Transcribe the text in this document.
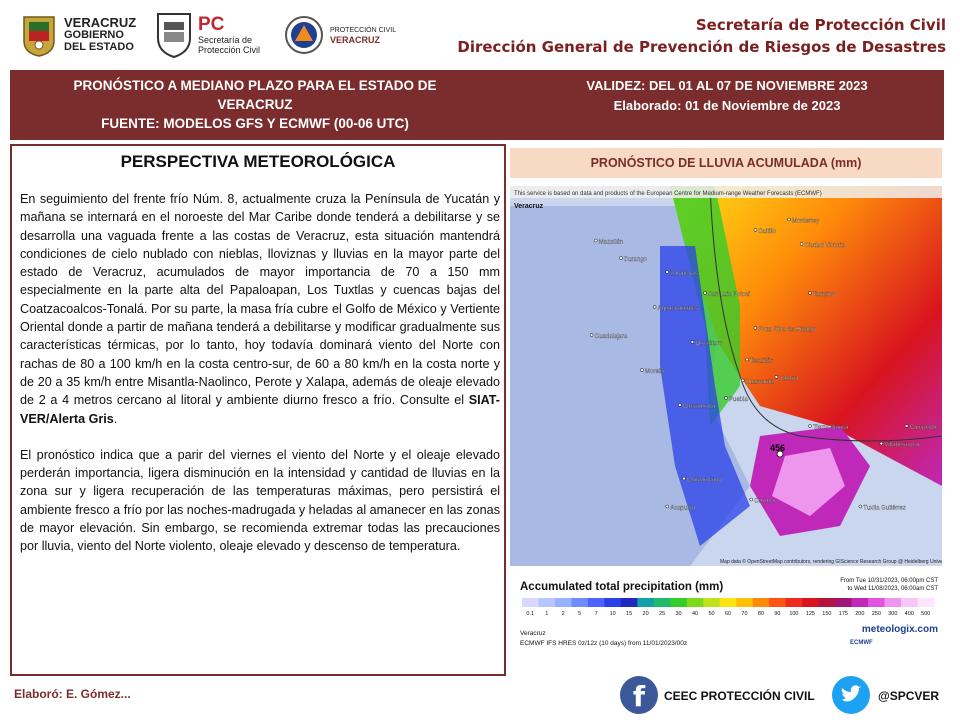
VERACRUZ
GOBIERNO
DEL ESTADO
PC
Secretaría de
Protección Civil
PROTECCIÓN CIVIL
VERACRUZ
Secretaría de Protección Civil
Dirección General de Prevención de Riesgos de Desastres
PRONÓSTICO A MEDIANO PLAZO PARA EL ESTADO DE
VERACRUZ
FUENTE: MODELOS GFS Y ECMWF (00-06 UTC)
VALIDEZ: DEL 01 AL 07 DE NOVIEMBRE 2023
Elaborado: 01 de Noviembre de 2023
PERSPECTIVA METEOROLÓGICA

En seguimiento del frente frío Núm. 8, actualmente cruza la Península de Yucatán y mañana se internará en el noroeste del Mar Caribe donde tenderá a debilitarse y se desarrolla una vaguada frente a las costas de Veracruz, esta situación mantendrá condiciones de cielo nublado con nieblas, lloviznas y lluvias en la mayor parte del estado de Veracruz, acumulados de mayor importancia de 70 a 150 mm especialmente en la parte alta del Papaloapan, Los Tuxtlas y cuencas bajas del Coatzacoalcos-Tonalá. Por su parte, la masa fría cubre el Golfo de México y Vertiente Oriental donde a partir de mañana tenderá a debilitarse y modificar gradualmente sus características térmicas, por lo tanto, hoy todavía dominará viento del Norte con rachas de 80 a 100 km/h en la costa centro-sur, de 60 a 80 km/h en la costa norte y de 20 a 35 km/h entre Misantla-Naolinco, Perote y Xalapa, además de oleaje elevado de 2 a 4 metros cercano al litoral y ambiente diurno fresco a frío. Consulte el SIAT-VER/Alerta Gris.

El pronóstico indica que a parir del viernes el viento del Norte y el oleaje elevado perderán importancia, ligera disminución en la intensidad y cantidad de lluvias en la zona sur y ligera recuperación de las temperaturas máximas, pero persistirá el ambiente fresco a frío por las noches-madrugada y heladas al amanecer en las zonas de mayor elevación. Sin embargo, se recomienda extremar todas las precauciones por lluvia, viento del Norte violento, oleaje elevado y descenso de temperatura.

PRONÓSTICO DE LLUVIA ACUMULADA (mm)
This service is based on data and products of the European Centre for Medium-range Weather Forecasts (ECMWF)
Veracruz
456
Mazatlán
Saltillo
Monterrey
Durango
Zacatecas
Ciudad Victoria
San Luis Potosí
Aguascalientes
Tampico
Guadalajara
Querétaro
Poza Rica de Hidalgo
Morelia
Tezuitlán
Xalapa
Huamantla
Puebla
Cuernavaca
Tierra Blanca
Villahermosa
Campeche
Chilpancingo
Acapulco
Oaxaca
Tuxtla Gutiérrez
Map data © OpenStreetMap contributors, rendering GIScience Research Group @ Heidelberg University
Accumulated total precipitation (mm)	From Tue 10/31/2023, 06:00pm CST
to Wed 11/08/2023, 06:00am CST
0.1 1 2 5 7 10 15 20 25 30 40 50 60 70 80 90 100 125 150 175 200 250 300 400 500
Veracruz
ECMWF IFS HRES 0z/12z (10 days) from 11/01/2023/00z	ECMWF
meteologix.com
Elaboró: E. Gómez...	f	CEEC PROTECCIÓN CIVIL	@SPCVER
